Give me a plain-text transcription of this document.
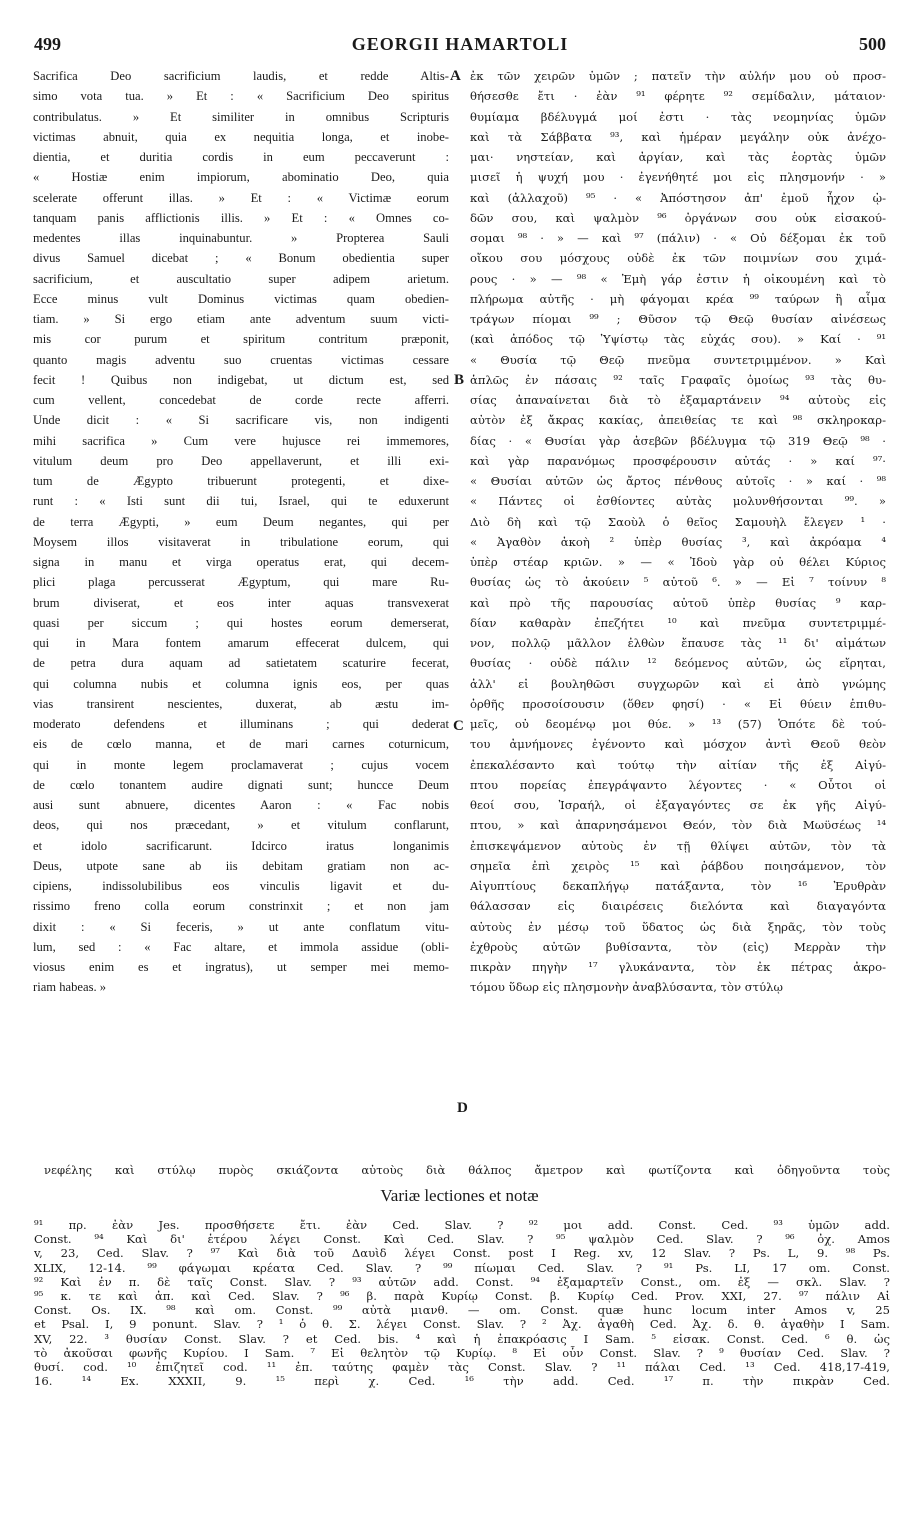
499	GEORGII HAMARTOLI	500
Sacrifica Deo sacrificium laudis, et redde Altis-
simo vota tua. » Et : « Sacrificium Deo spiritus
contribulatus. » Et similiter in omnibus Scripturis
victimas abnuit, quia ex nequitia longa, et inobe-
dientia, et duritia cordis in eum peccaverunt :
« Hostiæ enim impiorum, abominatio Deo, quia
scelerate offerunt illas. » Et : « Victimæ eorum
tanquam panis afflictionis illis. » Et : « Omnes co-
medentes illas inquinabuntur. » Propterea Sauli
divus Samuel dicebat ; « Bonum obedientia super
sacrificium, et auscultatio super adipem arietum.
Ecce minus vult Dominus victimas quam obedien-
tiam. » Si ergo etiam ante adventum suum victi-
mis cor purum et spiritum contritum præponit,
quanto magis adventu suo cruentas victimas cessare
fecit ! Quibus non indigebat, ut dictum est, sed
cum vellent, concedebat de corde recte afferri.
Unde dicit : « Si sacrificare vis, non indigenti
mihi sacrifica » Cum vere hujusce rei immemores,
vitulum deum pro Deo appellaverunt, et illi exi-
tum de Ægypto tribuerunt protegenti, et dixe-
runt : « Isti sunt dii tui, Israel, qui te eduxerunt
de terra Ægypti, » eum Deum negantes, qui per
Moysem illos visitaverat in tribulatione eorum, qui
signa in manu et virga operatus erat, qui decem-
plici plaga percusserat Ægyptum, qui mare Ru-
brum diviserat, et eos inter aquas transvexerat
quasi per siccum ; qui hostes eorum demerserat,
qui in Mara fontem amarum effecerat dulcem, qui
de petra dura aquam ad satietatem scaturire fecerat,
qui columna nubis et columna ignis eos, per quas
vias transirent nescientes, duxerat, ab æstu im-
moderato defendens et illuminans ; qui dederat
eis de cœlo manna, et de mari carnes coturnicum,
qui in monte legem proclamaverat ; cujus vocem
de cœlo tonantem audire dignati sunt; huncce Deum
ausi sunt abnuere, dicentes Aaron : « Fac nobis
deos, qui nos præcedant, » et vitulum conflarunt,
et idolo sacrificarunt. Idcirco iratus longanimis
Deus, utpote sane ab iis debitam gratiam non ac-
cipiens, indissolubilibus eos vinculis ligavit et du-
rissimo freno colla eorum constrinxit ; et non jam
dixit : « Si feceris, » ut ante conflatum vitu-
lum, sed : « Fac altare, et immola assidue (obli-
viosus enim es et ingratus), ut semper mei memo-
riam habeas. »
ἐκ τῶν χειρῶν ὑμῶν ; πατεῖν τὴν αὐλήν μου οὐ προσ-
θήσεσθε ἔτι · ἐὰν ⁹¹ φέρητε ⁹² σεμίδαλιν, μάταιον·
θυμίαμα βδέλυγμά μοί ἐστι · τὰς νεομηνίας ὑμῶν
καὶ τὰ Σάββατα ⁹³, καὶ ἡμέραν μεγάλην οὐκ ἀνέχο-
μαι· νηστείαν, καὶ ἀργίαν, καὶ τὰς ἑορτὰς ὑμῶν
μισεῖ ἡ ψυχή μου · ἐγενήθητέ μοι εἰς πλησμονήν · »
καὶ (ἀλλαχοῦ) ⁹⁵ · « Ἀπόστησον ἀπ' ἐμοῦ ἦχον ᾠ-
δῶν σου, καὶ ψαλμὸν ⁹⁶ ὀργάνων σου οὐκ εἰσακού-
σομαι ⁹⁸ · » — καὶ ⁹⁷ (πάλιν) · « Οὐ δέξομαι ἐκ τοῦ
οἴκου σου μόσχους οὐδὲ ἐκ τῶν ποιμνίων σου χιμά-
ρους · » — ⁹⁸ « Ἐμὴ γάρ ἐστιν ἡ οἰκουμένη καὶ τὸ
πλήρωμα αὐτῆς · μὴ φάγομαι κρέα ⁹⁹ ταύρων ἢ αἷμα
τράγων πίομαι ⁹⁹ ; Θῦσον τῷ Θεῷ θυσίαν αἰνέσεως
(καὶ ἀπόδος τῷ Ὑψίστῳ τὰς εὐχάς σου). » Καί · ⁹¹
« Θυσία τῷ Θεῷ πνεῦμα συντετριμμένον. » Καὶ
ἁπλῶς ἐν πάσαις ⁹² ταῖς Γραφαῖς ὁμοίως ⁹³ τὰς θυ-
σίας ἀπαναίνεται διὰ τὸ ἐξαμαρτάνειν ⁹⁴ αὐτοὺς εἰς
αὐτὸν ἐξ ἄκρας κακίας, ἀπειθείας τε καὶ ⁹⁸ σκληροκαρ-
δίας · « Θυσίαι γὰρ ἀσεβῶν βδέλυγμα τῷ 319 Θεῷ ⁹⁸ ·
καὶ γὰρ παρανόμως προσφέρουσιν αὐτάς · » καί ⁹⁷·
« Θυσίαι αὐτῶν ὡς ἄρτος πένθους αὐτοῖς · » καί · ⁹⁸
« Πάντες οἱ ἐσθίοντες αὐτὰς μολυνθήσονται ⁹⁹. »
Διὸ δὴ καὶ τῷ Σαοὺλ ὁ θεῖος Σαμουὴλ ἔλεγεν ¹ ·
« Ἀγαθὸν ἀκοὴ ² ὑπὲρ θυσίας ³, καὶ ἀκρόαμα ⁴
ὑπὲρ στέαρ κριῶν. » — « Ἰδοὺ γὰρ οὐ θέλει Κύριος
θυσίας ὡς τὸ ἀκούειν ⁵ αὐτοῦ ⁶. » — Εἰ ⁷ τοίνυν ⁸
καὶ πρὸ τῆς παρουσίας αὐτοῦ ὑπὲρ θυσίας ⁹ καρ-
δίαν καθαρὰν ἐπεζήτει ¹⁰ καὶ πνεῦμα συντετριμμέ-
νον, πολλῷ μᾶλλον ἐλθὼν ἔπαυσε τὰς ¹¹ δι' αἱμάτων
θυσίας · οὐδὲ πάλιν ¹² δεόμενος αὐτῶν, ὡς εἴρηται,
ἀλλ' εἰ βουληθῶσι συγχωρῶν καὶ εἰ ἀπὸ γνώμης
ὀρθῆς προσοίσουσιν (ὅθεν φησί) · « Εἰ θύειν ἐπιθυ-
μεῖς, οὐ δεομένῳ μοι θύε. » ¹³ (57) Ὁπότε δὲ τού-
του ἀμνήμονες ἐγένοντο καὶ μόσχον ἀντὶ Θεοῦ θεὸν
ἐπεκαλέσαντο καὶ τούτῳ τὴν αἰτίαν τῆς ἐξ Αἰγύ-
πτου πορείας ἐπεγράψαντο λέγοντες · « Οὗτοι οἱ
θεοί σου, Ἰσραήλ, οἱ ἐξαγαγόντες σε ἐκ γῆς Αἰγύ-
πτου, » καὶ ἀπαρνησάμενοι Θεόν, τὸν διὰ Μωϋσέως ¹⁴
ἐπισκεψάμενον αὐτοὺς ἐν τῇ θλίψει αὐτῶν, τὸν τὰ
σημεῖα ἐπὶ χειρὸς ¹⁵ καὶ ῥάβδου ποιησάμενον, τὸν
Αἰγυπτίους δεκαπλήγῳ πατάξαντα, τὸν ¹⁶ Ἐρυθρὰν
θάλασσαν εἰς διαιρέσεις διελόντα καὶ διαγαγόντα
αὐτοὺς ἐν μέσῳ τοῦ ὕδατος ὡς διὰ ξηρᾶς, τὸν τοὺς
ἐχθροὺς αὐτῶν βυθίσαντα, τὸν (εἰς) Μερρὰν τὴν
πικρὰν πηγὴν ¹⁷ γλυκάναντα, τὸν ἐκ πέτρας ἀκρο-
τόμου ὕδωρ εἰς πλησμονὴν ἀναβλύσαντα, τὸν στύλῳ
A
B
C
D
νεφέλης καὶ στύλῳ πυρὸς σκιάζοντα αὐτοὺς διὰ θάλπος ἄμετρον καὶ φωτίζοντα καὶ ὁδηγοῦντα τοὺς
Variæ lectiones et notæ
⁹¹ πρ. ἐὰν Jes. προσθήσετε ἔτι. ἐὰν Ced. Slav. ? ⁹² μοι add. Const. Ced. ⁹³ ὑμῶν add.
Const. ⁹⁴ Καὶ δι' ἑτέρου λέγει Const. Καὶ Ced. Slav. ? ⁹⁵ ψαλμὸν Ced. Slav. ? ⁹⁶ ὀχ. Amos
v, 23, Ced. Slav. ? ⁹⁷ Καὶ διὰ τοῦ Δαυὶδ λέγει Const. post I Reg. xv, 12 Slav. ? Ps. L, 9. ⁹⁸ Ps.
XLIX, 12-14. ⁹⁹ φάγωμαι κρέατα Ced. Slav. ? ⁹⁹ πίωμαι Ced. Slav. ? ⁹¹ Ps. LI, 17 om. Const.
⁹² Καὶ ἐν π. δὲ ταῖς Const. Slav. ? ⁹³ αὐτῶν add. Const. ⁹⁴ ἐξαμαρτεῖν Const., om. ἐξ — σκλ. Slav. ?
⁹⁵ κ. τε καὶ ἀπ. καὶ Ced. Slav. ? ⁹⁶ β. παρὰ Κυρίῳ Const. β. Κυρίῳ Ced. Prov. XXI, 27. ⁹⁷ πάλιν Αἱ
Const. Os. IX. ⁹⁸ καὶ om. Const. ⁹⁹ αὐτὰ μιανθ. — om. Const. quæ hunc locum inter Amos v, 25
et Psal. I, 9 ponunt. Slav. ? ¹ ὁ θ. Σ. λέγει Const. Slav. ? ² Ἀχ. ἀγαθὴ Ced. Ἀχ. δ. θ. ἀγαθὴν I Sam.
XV, 22. ³ θυσίαν Const. Slav. ? et Ced. bis. ⁴ καὶ ἡ ἐπακρόασις I Sam. ⁵ εἰσακ. Const. Ced. ⁶ θ. ὡς
τὸ ἀκοῦσαι φωνῆς Κυρίου. I Sam. ⁷ Εἰ θελητὸν τῷ Κυρίῳ. ⁸ Εἰ οὖν Const. Slav. ? ⁹ θυσίαν Ced. Slav. ?
θυσί. cod. ¹⁰ ἐπιζητεῖ cod. ¹¹ ἐπ. ταύτης φαμὲν τὰς Const. Slav. ? ¹¹ πάλαι Ced. ¹³ Ced. 418,17-419,
16. ¹⁴ Ex. XXXII, 9. ¹⁵ περὶ χ. Ced. ¹⁶ τὴν add. Ced. ¹⁷ π. τὴν πικρὰν Ced.
